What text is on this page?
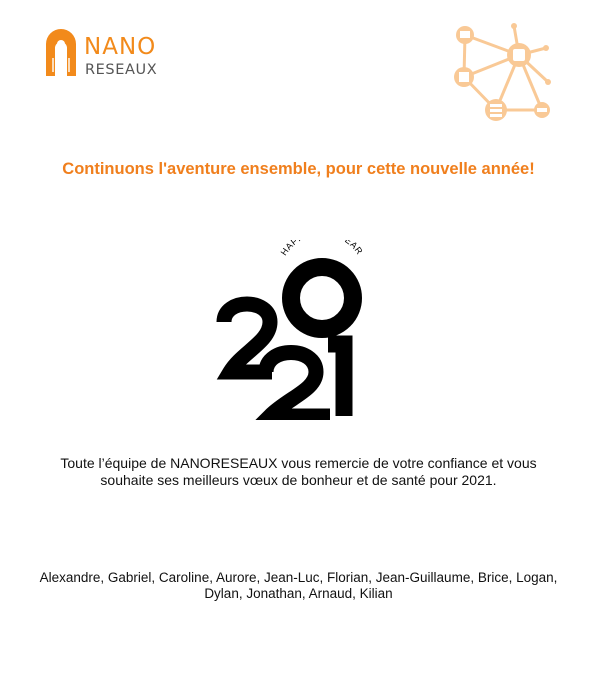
NANO
RESEAUX
Continuons l'aventure ensemble, pour cette nouvelle année!
HAP EAR
Toute l’équipe de NANORESEAUX vous remercie de votre confiance et vous
souhaite ses meilleurs vœux de bonheur et de santé pour 2021.
Alexandre, Gabriel, Caroline, Aurore, Jean-Luc, Florian, Jean-Guillaume, Brice, Logan,
Dylan, Jonathan, Arnaud, Kilian
